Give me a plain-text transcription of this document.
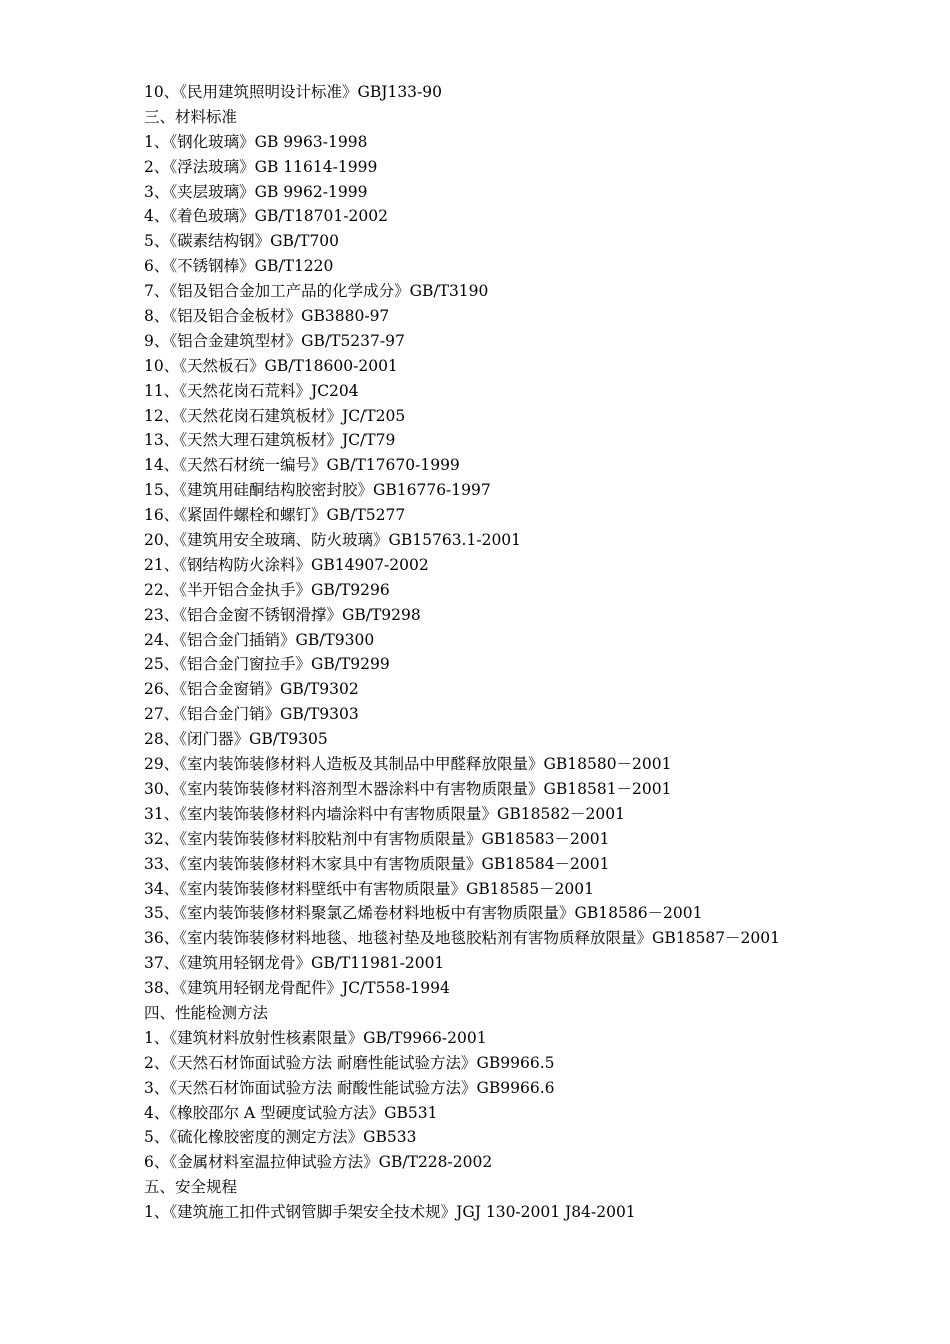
10、《民用建筑照明设计标准》GBJ133-90
三、材料标准
1、《钢化玻璃》GB 9963-1998
2、《浮法玻璃》GB 11614-1999
3、《夹层玻璃》GB 9962-1999
4、《着色玻璃》GB/T18701-2002
5、《碳素结构钢》GB/T700
6、《不锈钢棒》GB/T1220
7、《铝及铝合金加工产品的化学成分》GB/T3190
8、《铝及铝合金板材》GB3880-97
9、《铝合金建筑型材》GB/T5237-97
10、《天然板石》GB/T18600-2001
11、《天然花岗石荒料》JC204
12、《天然花岗石建筑板材》JC/T205
13、《天然大理石建筑板材》JC/T79
14、《天然石材统一编号》GB/T17670-1999
15、《建筑用硅酮结构胶密封胶》GB16776-1997
16、《紧固件螺栓和螺钉》GB/T5277
20、《建筑用安全玻璃、防火玻璃》GB15763.1-2001
21、《钢结构防火涂料》GB14907-2002
22、《半开铝合金执手》GB/T9296
23、《铝合金窗不锈钢滑撑》GB/T9298
24、《铝合金门插销》GB/T9300
25、《铝合金门窗拉手》GB/T9299
26、《铝合金窗销》GB/T9302
27、《铝合金门销》GB/T9303
28、《闭门器》GB/T9305
29、《室内装饰装修材料人造板及其制品中甲醛释放限量》GB18580－2001
30、《室内装饰装修材料溶剂型木器涂料中有害物质限量》GB18581－2001
31、《室内装饰装修材料内墙涂料中有害物质限量》GB18582－2001
32、《室内装饰装修材料胶粘剂中有害物质限量》GB18583－2001
33、《室内装饰装修材料木家具中有害物质限量》GB18584－2001
34、《室内装饰装修材料壁纸中有害物质限量》GB18585－2001
35、《室内装饰装修材料聚氯乙烯卷材料地板中有害物质限量》GB18586－2001
36、《室内装饰装修材料地毯、地毯衬垫及地毯胶粘剂有害物质释放限量》GB18587－2001
37、《建筑用轻钢龙骨》GB/T11981-2001
38、《建筑用轻钢龙骨配件》JC/T558-1994
四、性能检测方法
1、《建筑材料放射性核素限量》GB/T9966-2001
2、《天然石材饰面试验方法 耐磨性能试验方法》GB9966.5
3、《天然石材饰面试验方法 耐酸性能试验方法》GB9966.6
4、《橡胶邵尔 A 型硬度试验方法》GB531
5、《硫化橡胶密度的测定方法》GB533
6、《金属材料室温拉伸试验方法》GB/T228-2002
五、安全规程
1、《建筑施工扣件式钢管脚手架安全技术规》JGJ 130-2001 J84-2001
